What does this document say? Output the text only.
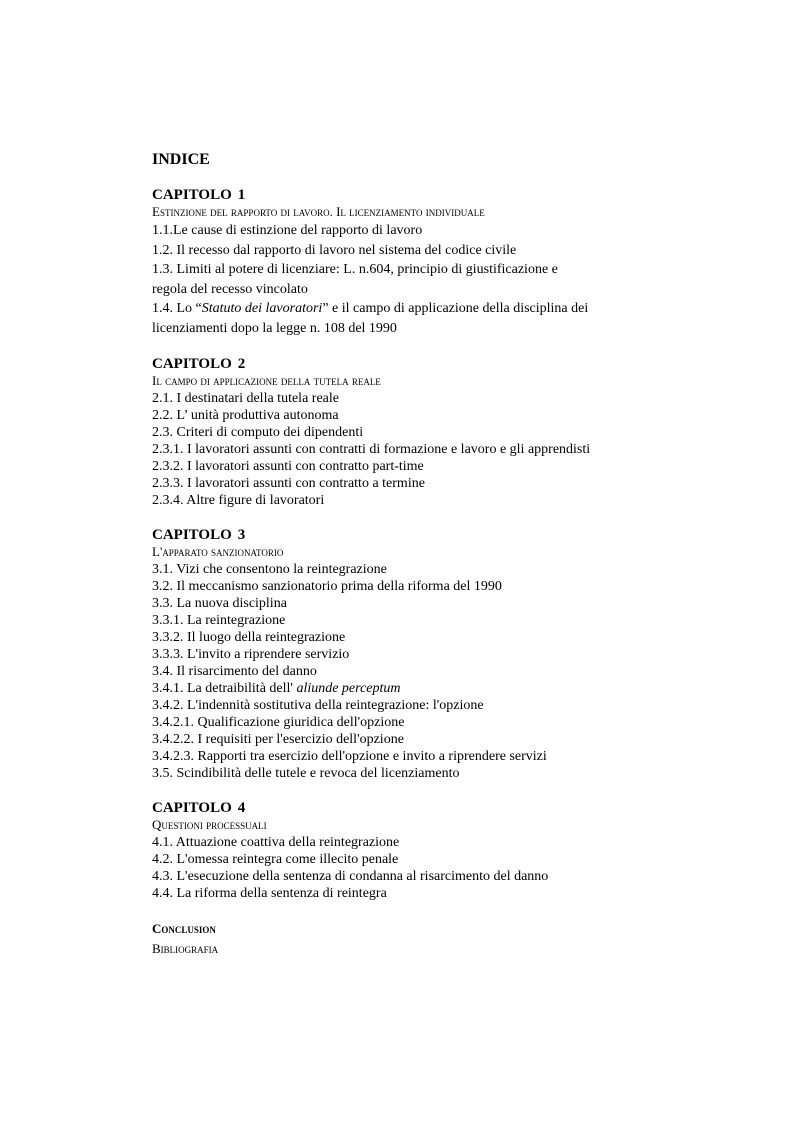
INDICE
CAPITOLO 1
Estinzione del rapporto di lavoro. Il licenziamento individuale
1.1.Le cause di estinzione del rapporto di lavoro
1.2. Il recesso dal rapporto di lavoro nel sistema del codice civile
1.3. Limiti al potere di licenziare: L. n.604, principio di giustificazione e regola del recesso vincolato
1.4. Lo “Statuto dei lavoratori” e il campo di applicazione della disciplina dei licenziamenti dopo la legge n. 108 del 1990
CAPITOLO 2
Il campo di applicazione della tutela reale
2.1. I destinatari della tutela reale
2.2. L’ unità produttiva autonoma
2.3. Criteri di computo dei dipendenti
2.3.1. I lavoratori assunti con contratti di formazione e lavoro e gli apprendisti
2.3.2. I lavoratori assunti con contratto part-time
2.3.3. I lavoratori assunti con contratto a termine
2.3.4. Altre figure di lavoratori
CAPITOLO 3
L'apparato sanzionatorio
3.1. Vizi che consentono la reintegrazione
3.2. Il meccanismo sanzionatorio prima della riforma del 1990
3.3. La nuova disciplina
3.3.1. La reintegrazione
3.3.2. Il luogo della reintegrazione
3.3.3. L'invito a riprendere servizio
3.4. Il risarcimento del danno
3.4.1. La detraibilità dell' aliunde perceptum
3.4.2. L'indennità sostitutiva della reintegrazione: l'opzione
3.4.2.1. Qualificazione giuridica dell'opzione
3.4.2.2. I requisiti per l'esercizio dell'opzione
3.4.2.3. Rapporti tra esercizio dell'opzione e invito a riprendere servizi
3.5. Scindibilità delle tutele e revoca del licenziamento
CAPITOLO 4
Questioni processuali
4.1. Attuazione coattiva della reintegrazione
4.2. L'omessa reintegra come illecito penale
4.3. L'esecuzione della sentenza di condanna al risarcimento del danno
4.4. La riforma della sentenza di reintegra
Conclusion
Bibliografia
